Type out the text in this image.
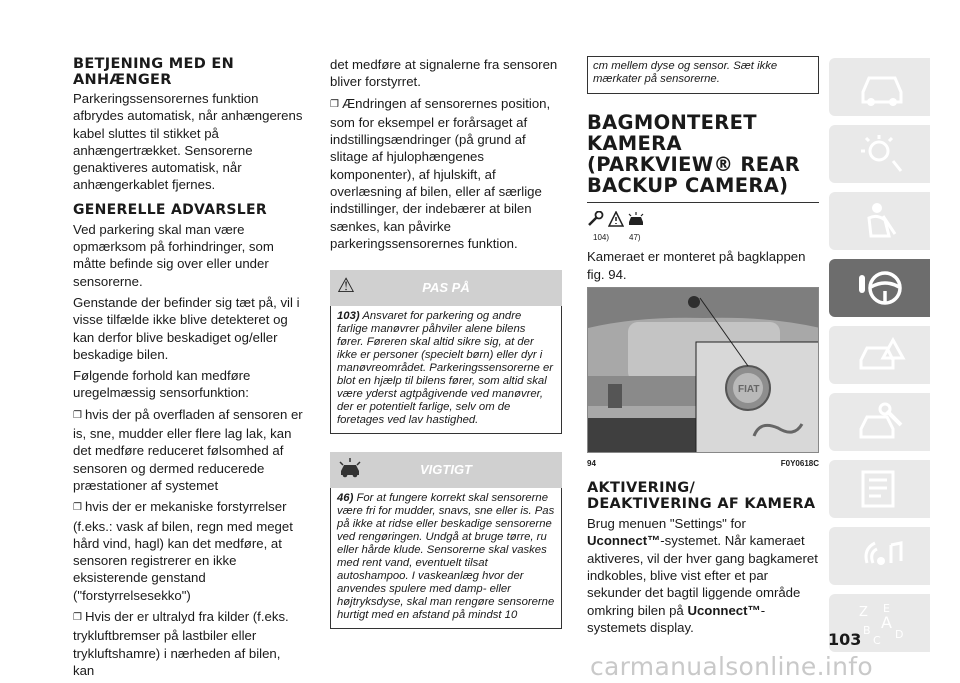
BETJENING MED EN ANHÆNGER

Parkeringssensorernes funktion afbrydes automatisk, når anhængerens kabel sluttes til stikket på anhængertrækket. Sensorerne genaktiveres automatisk, når anhængerkablet fjernes.

GENERELLE ADVARSLER

Ved parkering skal man være opmærksom på forhindringer, som måtte befinde sig over eller under sensorerne.

Genstande der befinder sig tæt på, vil i visse tilfælde ikke blive detekteret og kan derfor blive beskadiget og/eller beskadige bilen.

Følgende forhold kan medføre uregelmæssig sensorfunktion:

❐ hvis der på overfladen af sensoren er is, sne, mudder eller flere lag lak, kan det medføre reduceret følsomhed af sensoren og dermed reducerede præstationer af systemet

❐ hvis der er mekaniske forstyrrelser (f.eks.: vask af bilen, regn med meget hård vind, hagl) kan det medføre, at sensoren registrerer en ikke eksisterende genstand ("forstyrrelsesekko")

❐ Hvis der er ultralyd fra kilder (f.eks. trykluftbremser på lastbiler eller trykluftshamre) i nærheden af bilen, kan

det medføre at signalerne fra sensoren bliver forstyrret.

❐ Ændringen af sensorernes position, som for eksempel er forårsaget af indstillingsændringer (på grund af slitage af hjulophængenes komponenter), af hjulskift, af overlæsning af bilen, eller af særlige indstillinger, der indebærer at bilen sænkes, kan påvirke parkeringssensorernes funktion.

⚠	PAS PÅ
103) Ansvaret for parkering og andre farlige manøvrer påhviler alene bilens fører. Føreren skal altid sikre sig, at der ikke er personer (specielt børn) eller dyr i manøvreområdet. Parkeringssensorerne er blot en hjælp til bilens fører, som altid skal være yderst agtpågivende ved manøvrer, der er potentielt farlige, selv om de foretages ved lav hastighed.
VIGTIGT
46) For at fungere korrekt skal sensorerne være fri for mudder, snavs, sne eller is. Pas på ikke at ridse eller beskadige sensorerne ved rengøringen. Undgå at bruge tørre, ru eller hårde klude. Sensorerne skal vaskes med rent vand, eventuelt tilsat autoshampoo. I vaskeanlæg hvor der anvendes spulere med damp- eller højtryksdyse, skal man rengøre sensorerne hurtigt med en afstand på mindst 10
cm mellem dyse og sensor. Sæt ikke mærkater på sensorerne.
BAGMONTERET KAMERA (PARKVIEW® REAR BACKUP CAMERA)
104)	47)

Kameraet er monteret på bagklappen fig. 94.

FIAT
94	F0Y0618C
AKTIVERING/ DEAKTIVERING AF KAMERA

Brug menuen "Settings" for Uconnect™-systemet. Når kameraet aktiveres, vil der hver gang bagkameret indkobles, blive vist efter et par sekunder det bagtil liggende område omkring bilen på Uconnect™-systemets display.

Z E
B A
C D
103
carmanualsonline.info
